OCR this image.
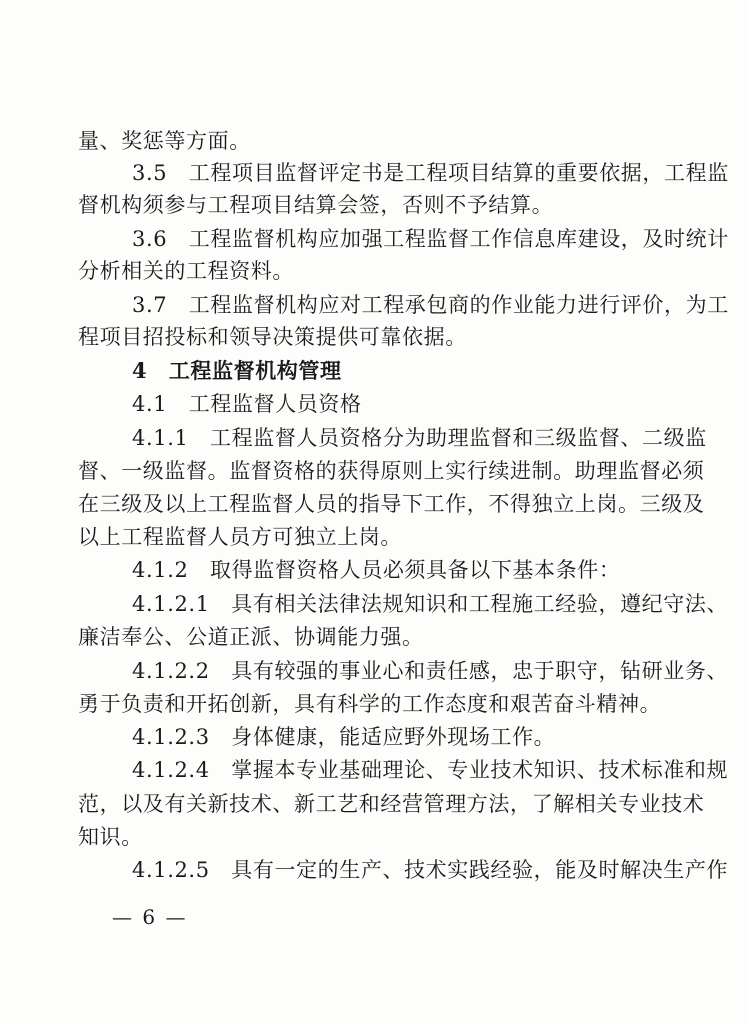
量、奖惩等方面。
3.5　工程项目监督评定书是工程项目结算的重要依据，工程监
督机构须参与工程项目结算会签，否则不予结算。
3.6　工程监督机构应加强工程监督工作信息库建设，及时统计
分析相关的工程资料。
3.7　工程监督机构应对工程承包商的作业能力进行评价，为工
程项目招投标和领导决策提供可靠依据。
4　工程监督机构管理
4.1　工程监督人员资格
4.1.1　工程监督人员资格分为助理监督和三级监督、二级监
督、一级监督。监督资格的获得原则上实行续进制。助理监督必须
在三级及以上工程监督人员的指导下工作，不得独立上岗。三级及
以上工程监督人员方可独立上岗。
4.1.2　取得监督资格人员必须具备以下基本条件：
4.1.2.1　具有相关法律法规知识和工程施工经验，遵纪守法、
廉洁奉公、公道正派、协调能力强。
4.1.2.2　具有较强的事业心和责任感，忠于职守，钻研业务、
勇于负责和开拓创新，具有科学的工作态度和艰苦奋斗精神。
4.1.2.3　身体健康，能适应野外现场工作。
4.1.2.4　掌握本专业基础理论、专业技术知识、技术标准和规
范，以及有关新技术、新工艺和经营管理方法，了解相关专业技术
知识。
4.1.2.5　具有一定的生产、技术实践经验，能及时解决生产作
— 6 —
